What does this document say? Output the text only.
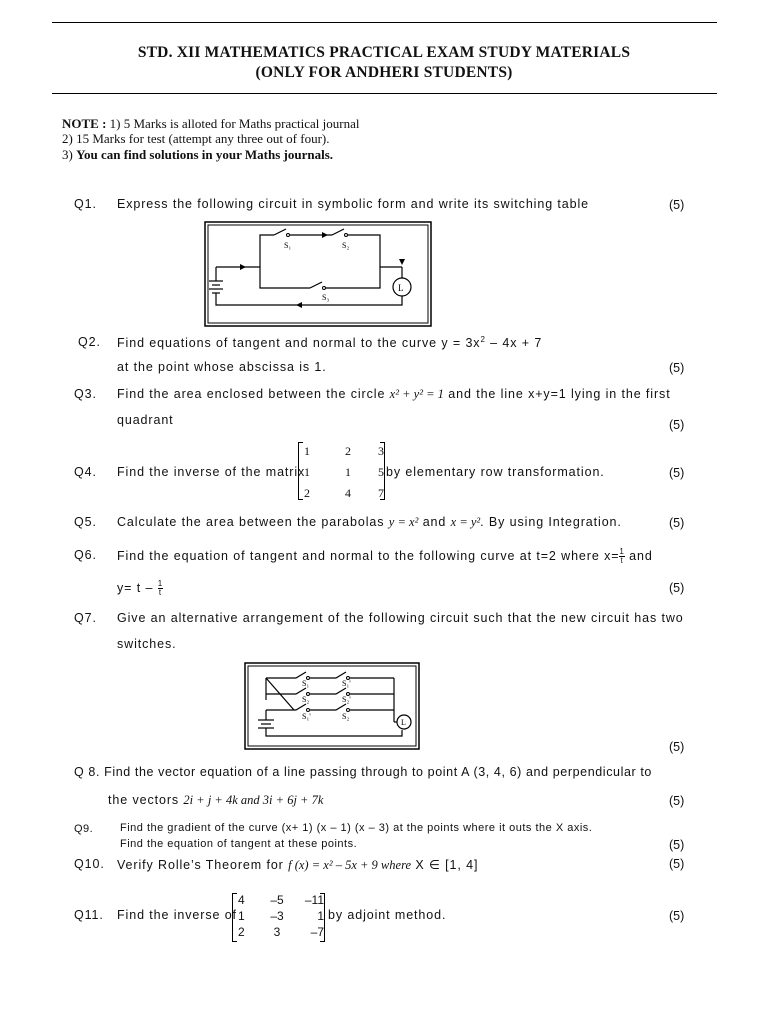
STD. XII MATHEMATICS PRACTICAL EXAM STUDY MATERIALS
(ONLY FOR ANDHERI STUDENTS)
NOTE : 1) 5 Marks is alloted for Maths practical journal
2) 15 Marks for test (attempt any three out of four).
3) You can find solutions in your Maths journals.
Q1. Express the following circuit in symbolic form and write its switching table	(5)
S₁	S₂
S₃
L
Q2. Find equations of tangent and normal to the curve $y = 3x^2 - 4x + 7$
at the point whose abscissa is 1.	(5)
Q3. Find the area enclosed between the circle x² + y² = 1 and the line x+y=1 lying in the first
quadrant	(5)
Q4. Find the inverse of the matrix
1	2	3
1	1	5
2	4	7
by elementary row transformation.	(5)
Q5. Calculate the area between the parabolas y = x² and x = y². By using Integration.	(5)
Q6. Find the equation of tangent and normal to the following curve at t=2 where $x= \frac{1}{t}$ and
$y= t - \frac{1}{t}$	(5)
Q7. Give an alternative arrangement of the following circuit such that the new circuit has two
switches.
S₁	S₁'
S₂	S₂'
S₁'	S₂
L
(5)
Q 8. Find the vector equation of a line passing through to point A (3, 4, 6) and perpendicular to
the vectors 2i + j + 4k and 3i + 6j + 7k	(5)
Q9. Find the gradient of the curve (x+ 1) (x – 1) (x – 3) at the points where it outs the X axis.
Find the equation of tangent at these points.	(5)
Q10. Verify Rolle’s Theorem for f (x) = x² – 5x + 9 where X ∈ [1, 4]	(5)
Q11. Find the inverse of
4	–5	–11
1	–3	1
2	3	–7
by adjoint method.	(5)
